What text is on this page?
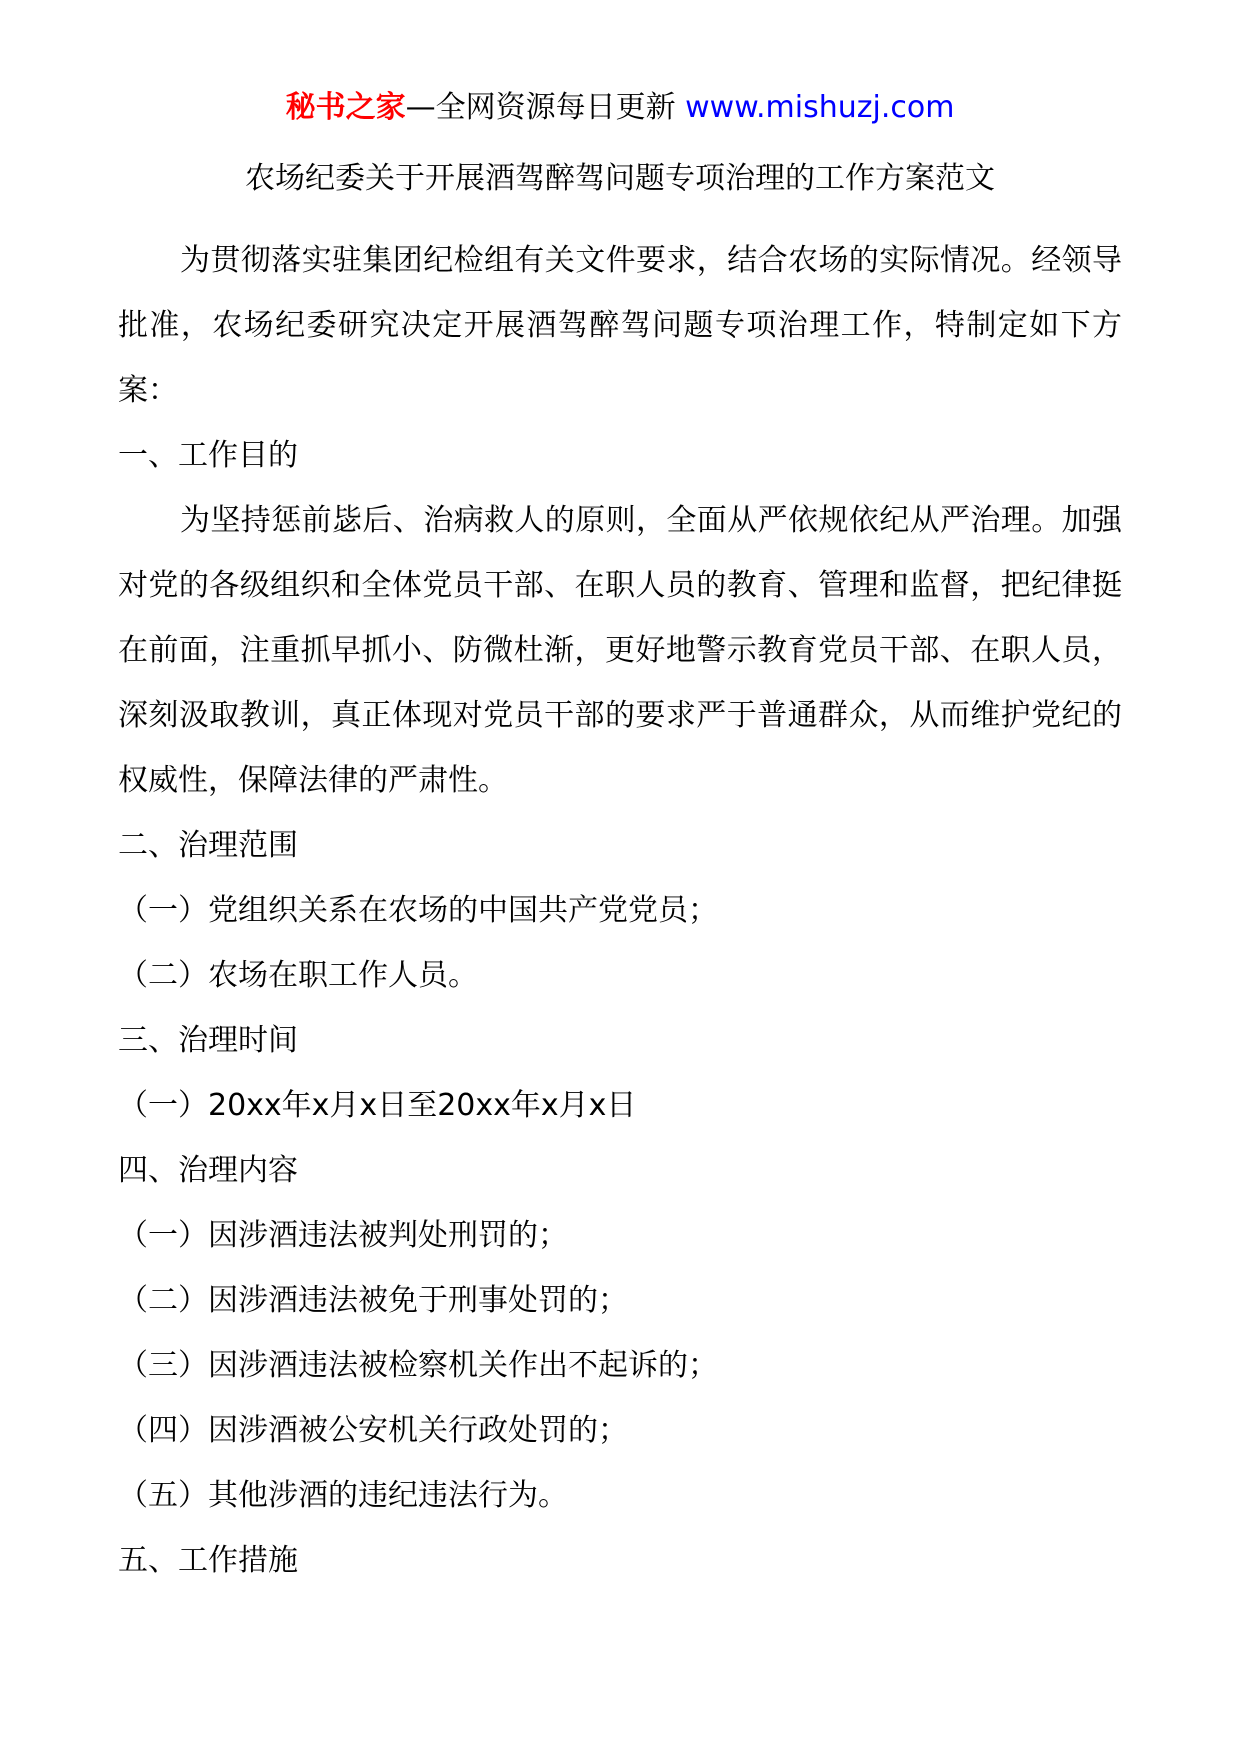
秘书之家—全网资源每日更新 www.mishuzj.com
农场纪委关于开展酒驾醉驾问题专项治理的工作方案范文

为贯彻落实驻集团纪检组有关文件要求，结合农场的实际情况。经领导批准，农场纪委研究决定开展酒驾醉驾问题专项治理工作，特制定如下方案：

一、工作目的

为坚持惩前毖后、治病救人的原则，全面从严依规依纪从严治理。加强对党的各级组织和全体党员干部、在职人员的教育、管理和监督，把纪律挺在前面，注重抓早抓小、防微杜渐，更好地警示教育党员干部、在职人员，深刻汲取教训，真正体现对党员干部的要求严于普通群众，从而维护党纪的权威性，保障法律的严肃性。

二、治理范围

（一）党组织关系在农场的中国共产党党员；

（二）农场在职工作人员。

三、治理时间

（一）20xx年x月x日至20xx年x月x日

四、治理内容

（一）因涉酒违法被判处刑罚的；

（二）因涉酒违法被免于刑事处罚的；

（三）因涉酒违法被检察机关作出不起诉的；

（四）因涉酒被公安机关行政处罚的；

（五）其他涉酒的违纪违法行为。

五、工作措施
